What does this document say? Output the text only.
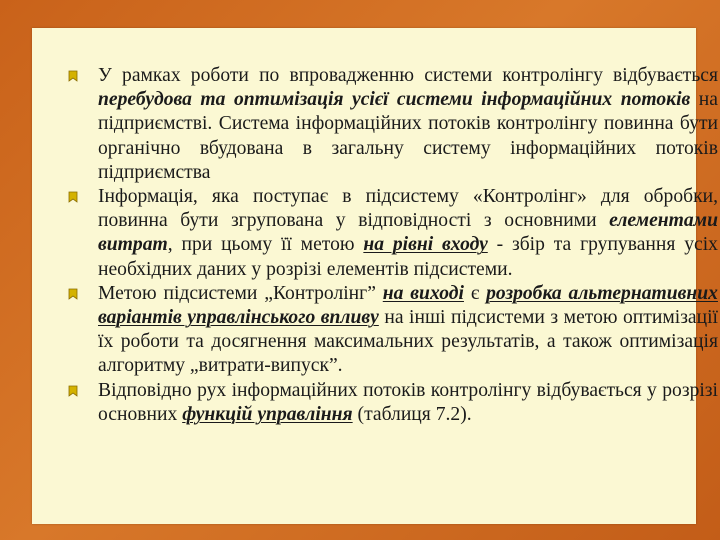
У рамках роботи по впровадженню системи контролінгу відбувається перебудова та оптимізація усієї системи інформаційних потоків на підприємстві. Система інформаційних потоків контролінгу повинна бути органічно вбудована в загальну систему інформаційних потоків підприємства
Інформація, яка поступає в підсистему «Контролінг» для обробки, повинна бути згрупована у відповідності з основними елементами витрат, при цьому її метою на рівні входу - збір та групування усіх необхідних даних у розрізі елементів підсистеми.
Метою підсистеми „Контролінг” на виході є розробка альтернативних варіантів управлінського впливу на інші підсистеми з метою оптимізації їх роботи та досягнення максимальних результатів, а також оптимізація алгоритму „витрати-випуск”.
Відповідно рух інформаційних потоків контролінгу відбувається у розрізі основних функцій управління (таблиця 7.2).
